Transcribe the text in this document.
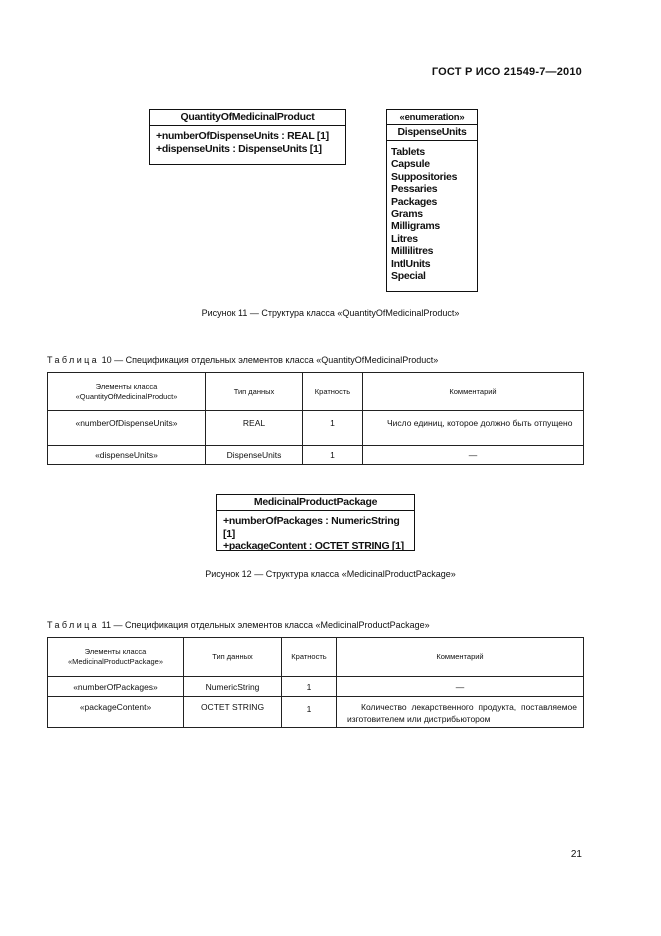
ГОСТ Р ИСО 21549-7—2010
QuantityOfMedicinalProduct
+numberOfDispenseUnits : REAL [1]
+dispenseUnits : DispenseUnits [1]
«enumeration»
DispenseUnits
Tablets
Capsule
Suppositories
Pessaries
Packages
Grams
Milligrams
Litres
Millilitres
IntlUnits
Special
Рисунок 11 — Структура класса «QuantityOfMedicinalProduct»
Таблица 10 — Спецификация отдельных элементов класса «QuantityOfMedicinalProduct»
Элементы класса «QuantityOfMedicinalProduct»	Тип данных	Кратность	Комментарий
«numberOfDispenseUnits»	REAL	1	Число единиц, которое должно быть отпущено
«dispenseUnits»	DispenseUnits	1	—
MedicinalProductPackage
+numberOfPackages : NumericString [1]
+packageContent : OCTET STRING [1]
Рисунок 12 — Структура класса «MedicinalProductPackage»
Таблица 11 — Спецификация отдельных элементов класса «MedicinalProductPackage»
Элементы класса «MedicinalProductPackage»	Тип данных	Кратность	Комментарий
«numberOfPackages»	NumericString	1	—
«packageContent»	OCTET STRING	1	Количество лекарственного продукта, поставляемое изготовителем или дистрибьютором
21
